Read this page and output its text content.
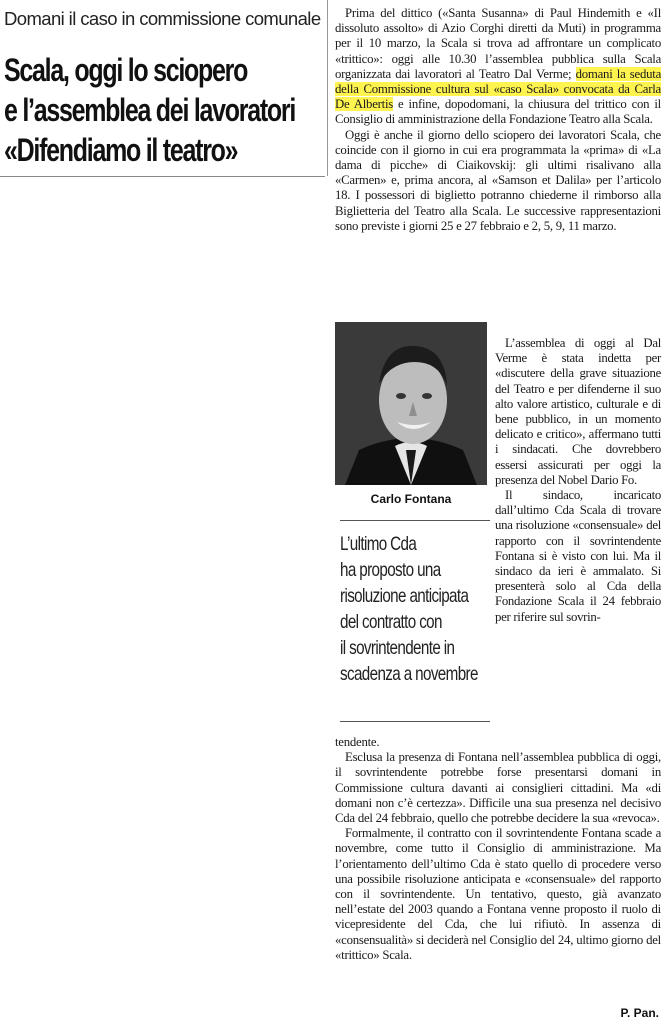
Domani il caso in commissione comunale
Scala, oggi lo sciopero
e l’assemblea dei lavoratori
«Difendiamo il teatro»

Prima del dittico («Santa Susanna» di Paul Hindemith e «Il dissoluto assolto» di Azio Corghi diretti da Muti) in programma per il 10 marzo, la Scala si trova ad affrontare un complicato «trittico»: oggi alle 10.30 l’assemblea pubblica sulla Scala organizzata dai lavoratori al Teatro Dal Verme; domani la seduta della Commissione cultura sul «caso Scala» convocata da Carla De Albertis e infine, dopodomani, la chiusura del trittico con il Consiglio di amministrazione della Fondazione Teatro alla Scala.

Oggi è anche il giorno dello sciopero dei lavoratori Scala, che coincide con il giorno in cui era programmata la «prima» di «La dama di picche» di Ciaikovskij: gli ultimi risalivano alla «Carmen» e, prima ancora, al «Samson et Dalila» per l’articolo 18. I possessori di biglietto potranno chiederne il rimborso alla Biglietteria del Teatro alla Scala. Le successive rappresentazioni sono previste i giorni 25 e 27 febbraio e 2, 5, 9, 11 marzo.

Carlo Fontana
L’ultimo Cda
ha proposto una
risoluzione anticipata
del contratto con
il sovrintendente in
scadenza a novembre

L’assemblea di oggi al Dal Verme è stata indetta per «discutere della grave situazione del Teatro e per difenderne il suo alto valore artistico, culturale e di bene pubblico, in un momento delicato e critico», affermano tutti i sindacati. Che dovrebbero essersi assicurati per oggi la presenza del Nobel Dario Fo.

Il sindaco, incaricato dall’ultimo Cda Scala di trovare una risoluzione «consensuale» del rapporto con il sovrintendente Fontana si è visto con lui. Ma il sindaco da ieri è ammalato. Si presenterà solo al Cda della Fondazione Scala il 24 febbraio per riferire sul sovrin-

tendente.

Esclusa la presenza di Fontana nell’assemblea pubblica di oggi, il sovrintendente potrebbe forse presentarsi domani in Commissione cultura davanti ai consiglieri cittadini. Ma «di domani non c’è certezza». Difficile una sua presenza nel decisivo Cda del 24 febbraio, quello che potrebbe decidere la sua «revoca».

Formalmente, il contratto con il sovrintendente Fontana scade a novembre, come tutto il Consiglio di amministrazione. Ma l’orientamento dell’ultimo Cda è stato quello di procedere verso una possibile risoluzione anticipata e «consensuale» del rapporto con il sovrintendente. Un tentativo, questo, già avanzato nell’estate del 2003 quando a Fontana venne proposto il ruolo di vicepresidente del Cda, che lui rifiutò. In assenza di «consensualità» si deciderà nel Consiglio del 24, ultimo giorno del «trittico» Scala.

P. Pan.
